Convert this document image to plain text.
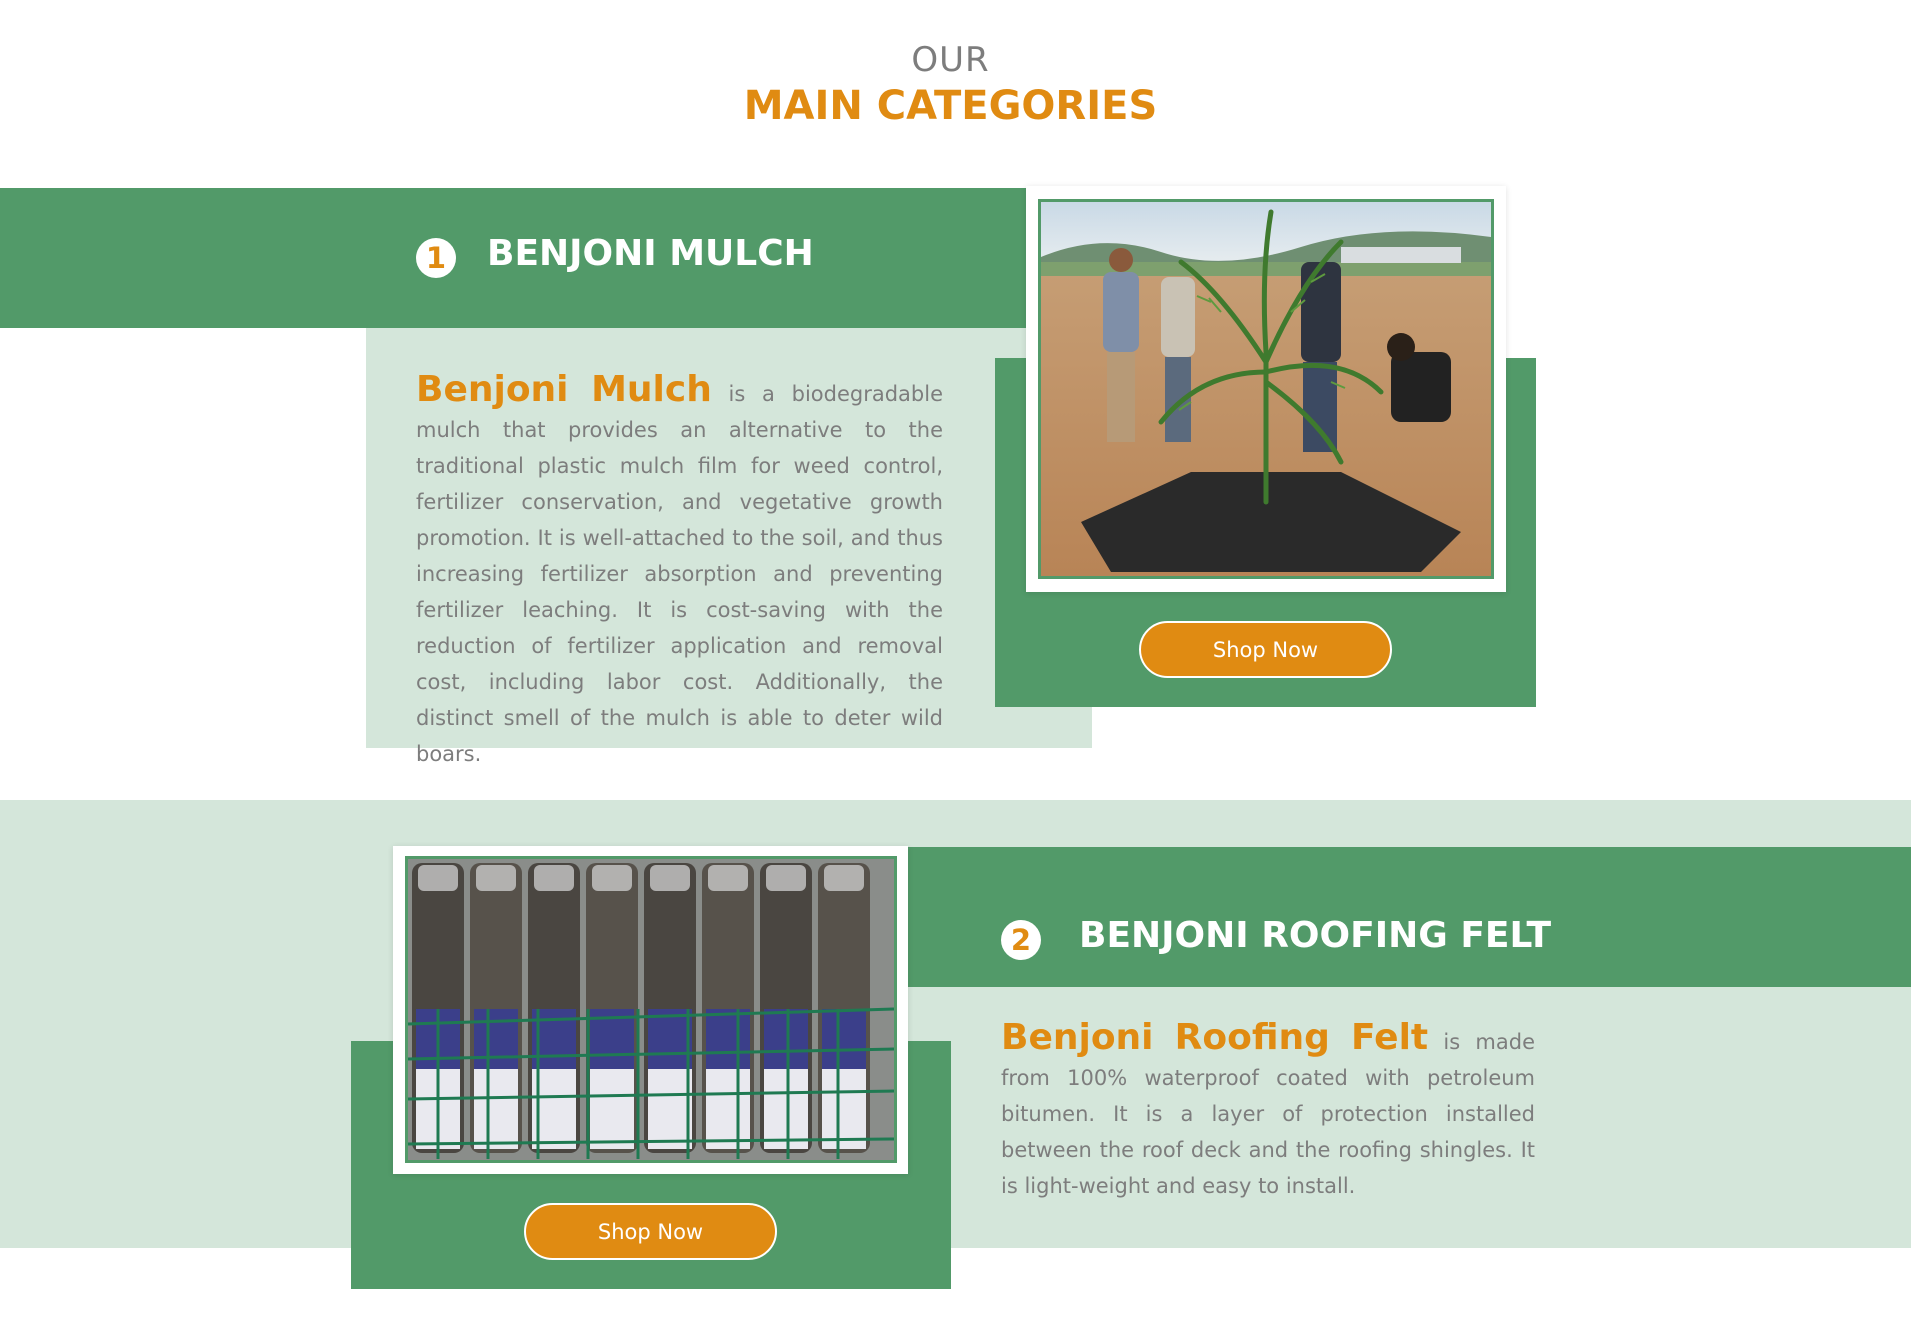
OUR
MAIN CATEGORIES
1 BENJONI MULCH
Benjoni Mulch is a biodegradable mulch that provides an alternative to the traditional plastic mulch film for weed control, fertilizer conservation, and vegetative growth promotion. It is well-attached to the soil, and thus increasing fertilizer absorption and preventing fertilizer leaching. It is cost-saving with the reduction of fertilizer application and removal cost, including labor cost. Additionally, the distinct smell of the mulch is able to deter wild boars.
Shop Now
2 BENJONI ROOFING FELT
Benjoni Roofing Felt is made from 100% waterproof coated with petroleum bitumen. It is a layer of protection installed between the roof deck and the roofing shingles. It is light-weight and easy to install.
Shop Now
